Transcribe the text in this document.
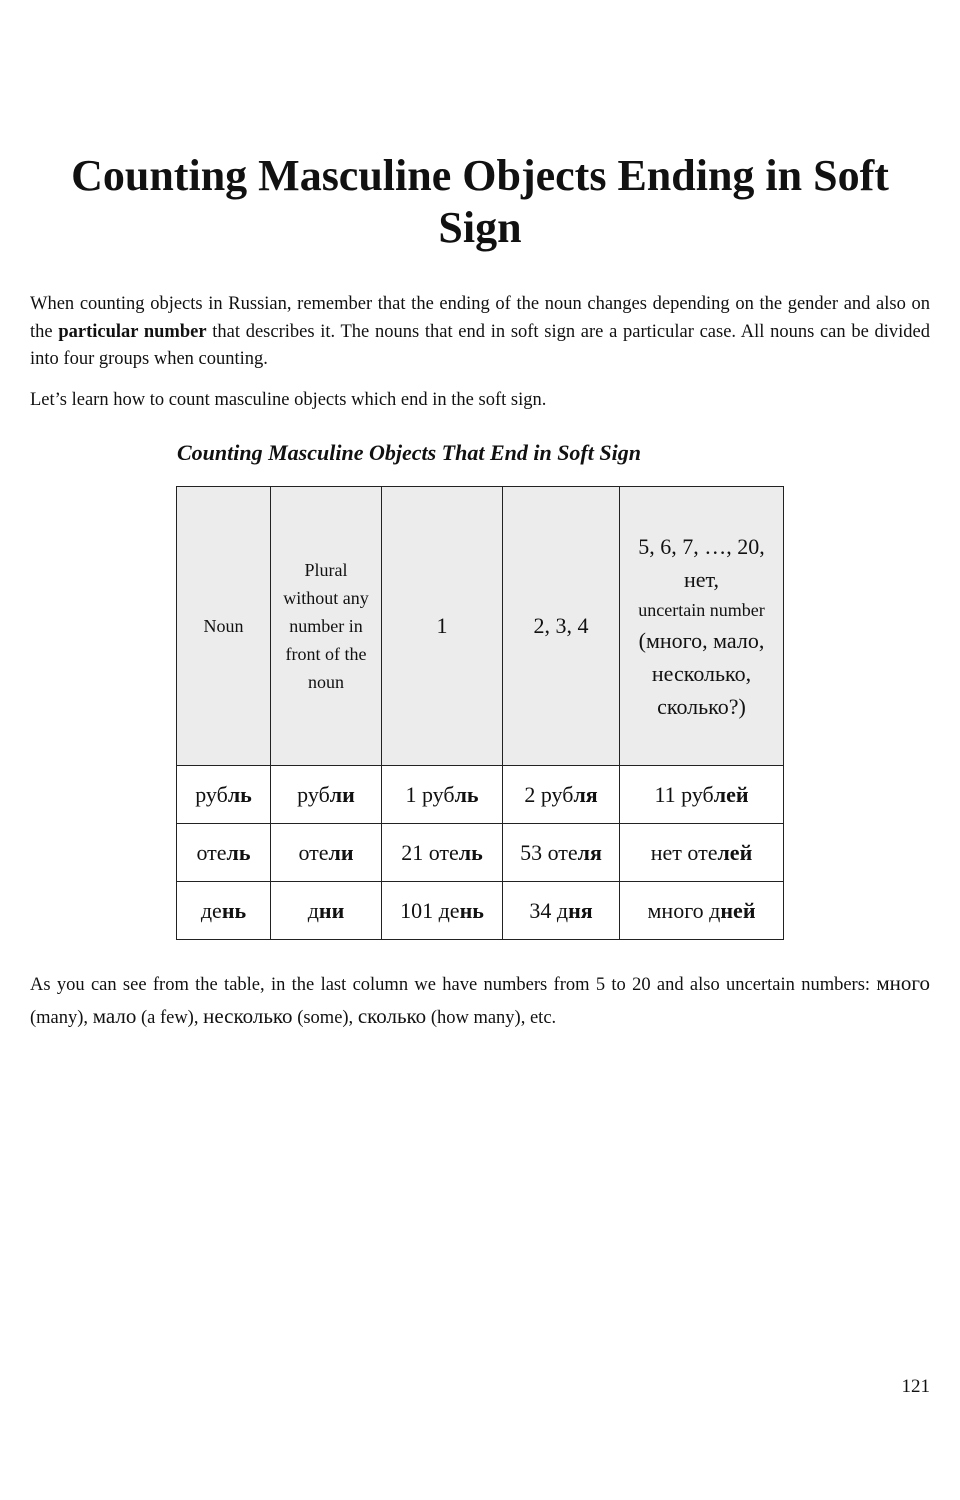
Counting Masculine Objects Ending in Soft Sign

When counting objects in Russian, remember that the ending of the noun changes depending on the gender and also on the particular number that describes it. The nouns that end in soft sign are a particular case. All nouns can be divided into four groups when counting.

Let’s learn how to count masculine objects which end in the soft sign.

Counting Masculine Objects That End in Soft Sign

Noun	Plural without any number in front of the noun	1	2, 3, 4	5, 6, 7, …, 20, нет,
uncertain number
(много, мало, несколько, сколько?)

рубль	рубли	1 рубль	2 рубля	11 рублей
отель	отели	21 отель	53 отеля	нет отелей
день	дни	101 день	34 дня	много дней

As you can see from the table, in the last column we have numbers from 5 to 20 and also uncertain numbers: много (many), мало (a few), несколько (some), сколько (how many), etc.

121
